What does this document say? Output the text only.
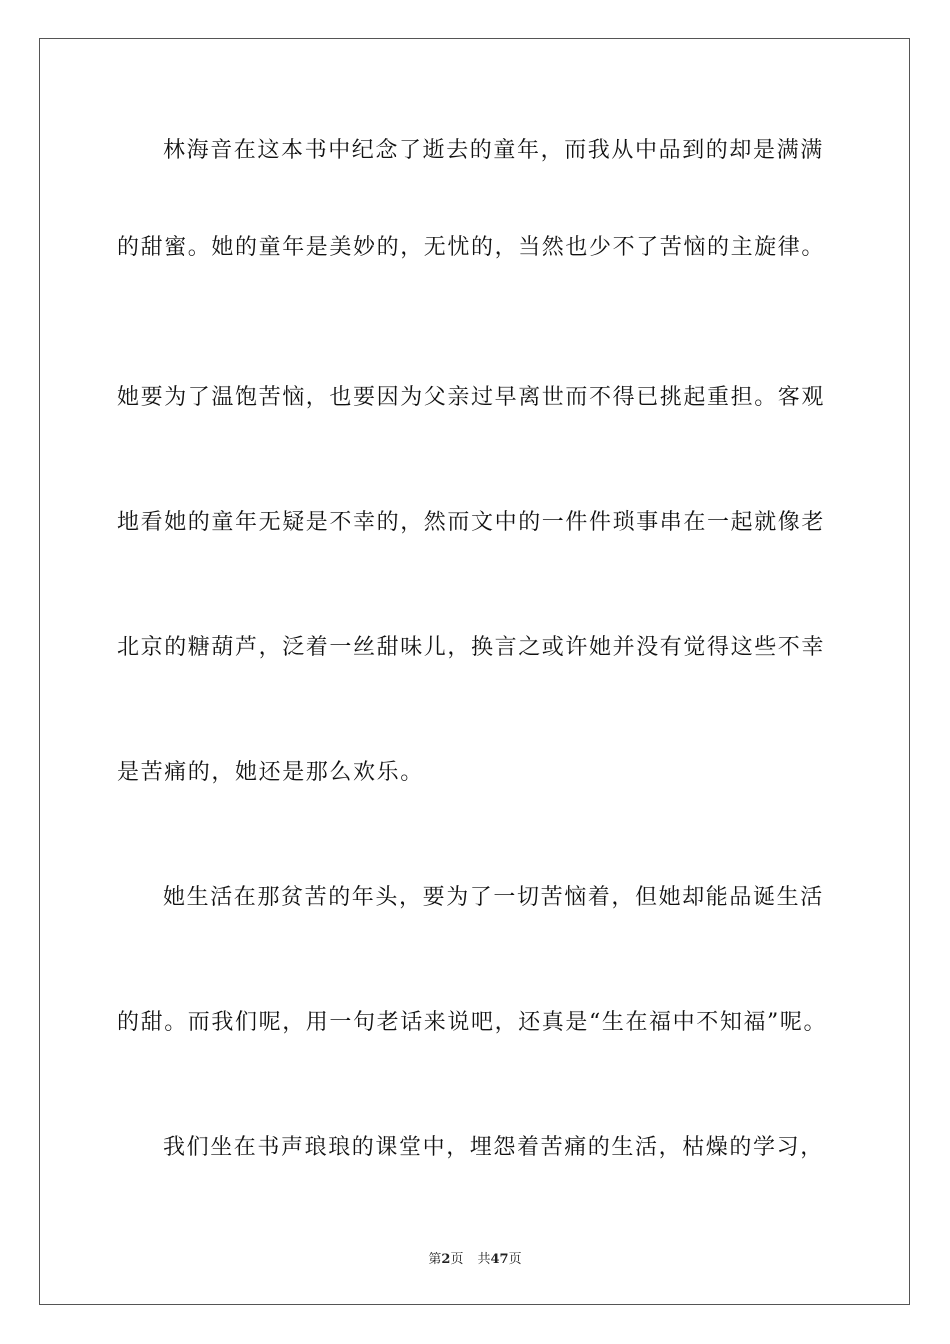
林海音在这本书中纪念了逝去的童年，而我从中品到的却是满满
的甜蜜。她的童年是美妙的，无忧的，当然也少不了苦恼的主旋律。
她要为了温饱苦恼，也要因为父亲过早离世而不得已挑起重担。客观
地看她的童年无疑是不幸的，然而文中的一件件琐事串在一起就像老
北京的糖葫芦，泛着一丝甜味儿，换言之或许她并没有觉得这些不幸
是苦痛的，她还是那么欢乐。
她生活在那贫苦的年头，要为了一切苦恼着，但她却能品诞生活
的甜。而我们呢，用一句老话来说吧，还真是“生在福中不知福”呢。
我们坐在书声琅琅的课堂中，埋怨着苦痛的生活，枯燥的学习，
第2页 共47页
